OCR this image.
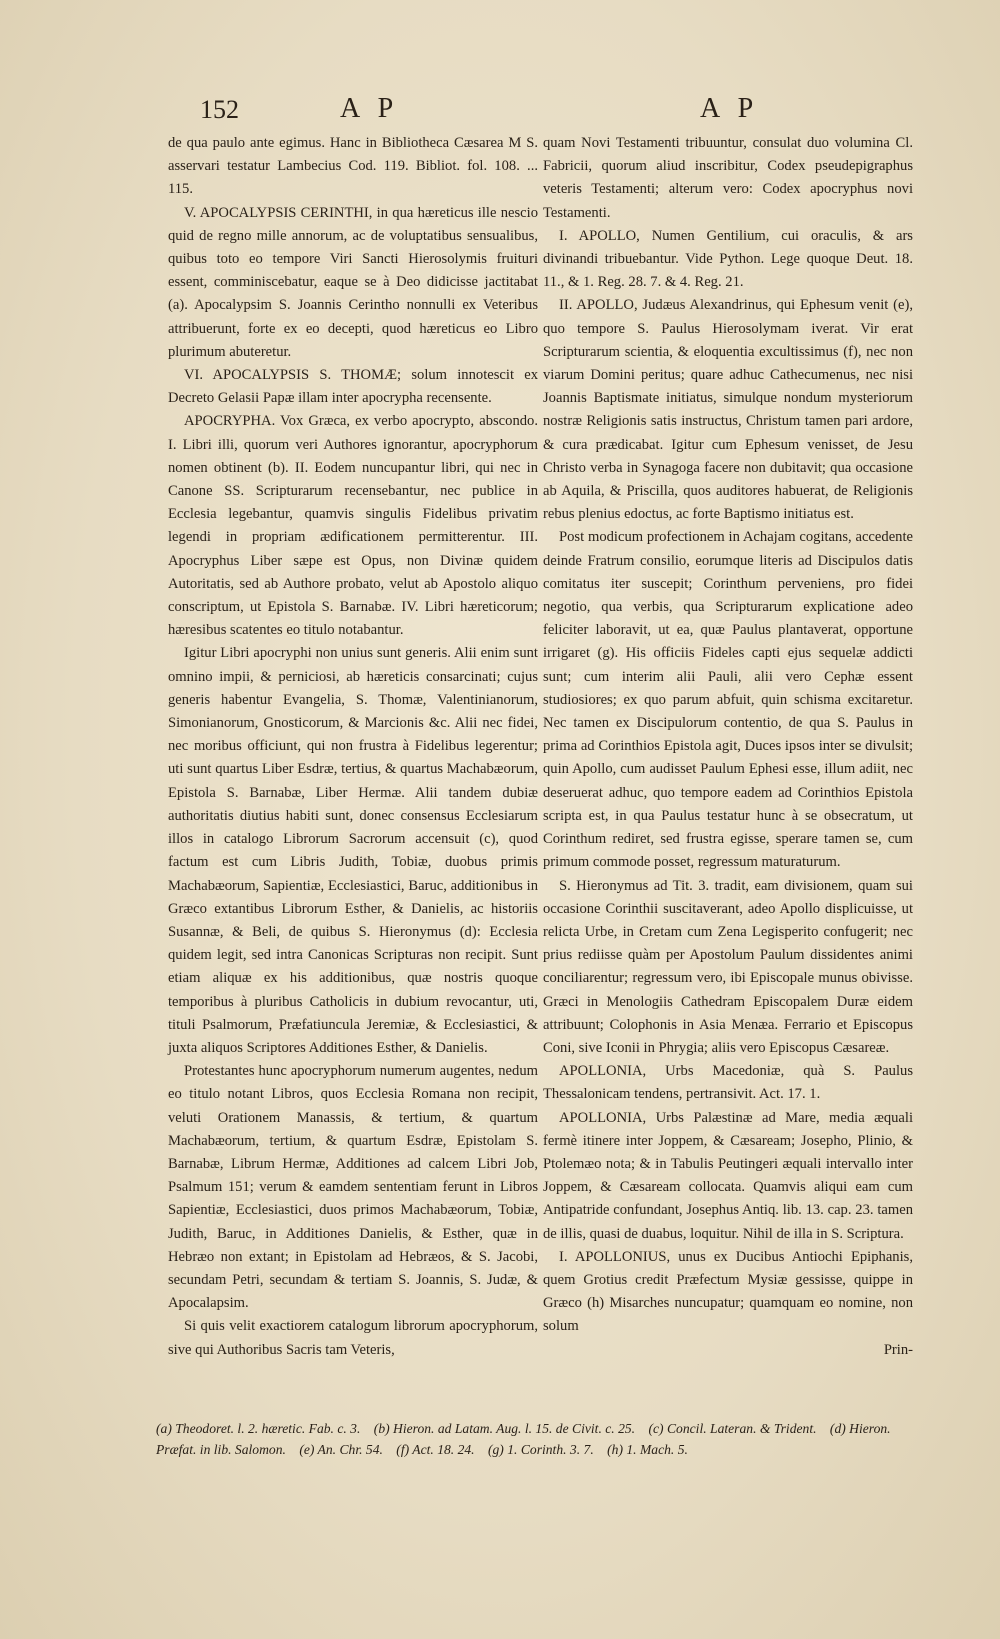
152	A P	A P

de qua paulo ante egimus. Hanc in Bibliotheca Cæsarea M S. asservari testatur Lambecius Cod. 119. Bibliot. fol. 108. ... 115.

V. APOCALYPSIS CERINTHI, in qua hæreticus ille nescio quid de regno mille annorum, ac de voluptatibus sensualibus, quibus toto eo tempore Viri Sancti Hierosolymis fruituri essent, comminiscebatur, eaque se à Deo didicisse jactitabat (a). Apocalypsim S. Joannis Cerintho nonnulli ex Veteribus attribuerunt, forte ex eo decepti, quod hæreticus eo Libro plurimum abuteretur.

VI. APOCALYPSIS S. THOMÆ; solum innotescit ex Decreto Gelasii Papæ illam inter apocrypha recensente.

APOCRYPHA. Vox Græca, ex verbo apocrypto, abscondo. I. Libri illi, quorum veri Authores ignorantur, apocryphorum nomen obtinent (b). II. Eodem nuncupantur libri, qui nec in Canone SS. Scripturarum recensebantur, nec publice in Ecclesia legebantur, quamvis singulis Fidelibus privatim legendi in propriam ædificationem permitterentur. III. Apocryphus Liber sæpe est Opus, non Divinæ quidem Autoritatis, sed ab Authore probato, velut ab Apostolo aliquo conscriptum, ut Epistola S. Barnabæ. IV. Libri hæreticorum; hæresibus scatentes eo titulo notabantur.

Igitur Libri apocryphi non unius sunt generis. Alii enim sunt omnino impii, & perniciosi, ab hæreticis consarcinati; cujus generis habentur Evangelia, S. Thomæ, Valentinianorum, Simonianorum, Gnosticorum, & Marcionis &c. Alii nec fidei, nec moribus officiunt, qui non frustra à Fidelibus legerentur; uti sunt quartus Liber Esdræ, tertius, & quartus Machabæorum, Epistola S. Barnabæ, Liber Hermæ. Alii tandem dubiæ authoritatis diutius habiti sunt, donec consensus Ecclesiarum illos in catalogo Librorum Sacrorum accensuit (c), quod factum est cum Libris Judith, Tobiæ, duobus primis Machabæorum, Sapientiæ, Ecclesiastici, Baruc, additionibus in Græco extantibus Librorum Esther, & Danielis, ac historiis Susannæ, & Beli, de quibus S. Hieronymus (d): Ecclesia quidem legit, sed intra Canonicas Scripturas non recipit. Sunt etiam aliquæ ex his additionibus, quæ nostris quoque temporibus à pluribus Catholicis in dubium revocantur, uti, tituli Psalmorum, Præfatiuncula Jeremiæ, & Ecclesiastici, & juxta aliquos Scriptores Additiones Esther, & Danielis.

Protestantes hunc apocryphorum numerum augentes, nedum eo titulo notant Libros, quos Ecclesia Romana non recipit, veluti Orationem Manassis, & tertium, & quartum Machabæorum, tertium, & quartum Esdræ, Epistolam S. Barnabæ, Librum Hermæ, Additiones ad calcem Libri Job, Psalmum 151; verum & eamdem sententiam ferunt in Libros Sapientiæ, Ecclesiastici, duos primos Machabæorum, Tobiæ, Judith, Baruc, in Additiones Danielis, & Esther, quæ in Hebræo non extant; in Epistolam ad Hebræos, & S. Jacobi, secundam Petri, secundam & tertiam S. Joannis, S. Judæ, & Apocalapsim.

Si quis velit exactiorem catalogum librorum apocryphorum, sive qui Authoribus Sacris tam Veteris,

quam Novi Testamenti tribuuntur, consulat duo volumina Cl. Fabricii, quorum aliud inscribitur, Codex pseudepigraphus veteris Testamenti; alterum vero: Codex apocryphus novi Testamenti.

I. APOLLO, Numen Gentilium, cui oraculis, & ars divinandi tribuebantur. Vide Python. Lege quoque Deut. 18. 11., & 1. Reg. 28. 7. & 4. Reg. 21.

II. APOLLO, Judæus Alexandrinus, qui Ephesum venit (e), quo tempore S. Paulus Hierosolymam iverat. Vir erat Scripturarum scientia, & eloquentia excultissimus (f), nec non viarum Domini peritus; quare adhuc Cathecumenus, nec nisi Joannis Baptismate initiatus, simulque nondum mysteriorum nostræ Religionis satis instructus, Christum tamen pari ardore, & cura prædicabat. Igitur cum Ephesum venisset, de Jesu Christo verba in Synagoga facere non dubitavit; qua occasione ab Aquila, & Priscilla, quos auditores habuerat, de Religionis rebus plenius edoctus, ac forte Baptismo initiatus est.

Post modicum profectionem in Achajam cogitans, accedente deinde Fratrum consilio, eorumque literis ad Discipulos datis comitatus iter suscepit; Corinthum perveniens, pro fidei negotio, qua verbis, qua Scripturarum explicatione adeo feliciter laboravit, ut ea, quæ Paulus plantaverat, opportune irrigaret (g). His officiis Fideles capti ejus sequelæ addicti sunt; cum interim alii Pauli, alii vero Cephæ essent studiosiores; ex quo parum abfuit, quin schisma excitaretur. Nec tamen ex Discipulorum contentio, de qua S. Paulus in prima ad Corinthios Epistola agit, Duces ipsos inter se divulsit; quin Apollo, cum audisset Paulum Ephesi esse, illum adiit, nec deseruerat adhuc, quo tempore eadem ad Corinthios Epistola scripta est, in qua Paulus testatur hunc à se obsecratum, ut Corinthum rediret, sed frustra egisse, sperare tamen se, cum primum commode posset, regressum maturaturum.

S. Hieronymus ad Tit. 3. tradit, eam divisionem, quam sui occasione Corinthii suscitaverant, adeo Apollo displicuisse, ut relicta Urbe, in Cretam cum Zena Legisperito confugerit; nec prius rediisse quàm per Apostolum Paulum dissidentes animi conciliarentur; regressum vero, ibi Episcopale munus obivisse. Græci in Menologiis Cathedram Episcopalem Duræ eidem attribuunt; Colophonis in Asia Menæa. Ferrario et Episcopus Coni, sive Iconii in Phrygia; aliis vero Episcopus Cæsareæ.

APOLLONIA, Urbs Macedoniæ, quà S. Paulus Thessalonicam tendens, pertransivit. Act. 17. 1.

APOLLONIA, Urbs Palæstinæ ad Mare, media æquali fermè itinere inter Joppem, & Cæsaream; Josepho, Plinio, & Ptolemæo nota; & in Tabulis Peutingeri æquali intervallo inter Joppem, & Cæsaream collocata. Quamvis aliqui eam cum Antipatride confundant, Josephus Antiq. lib. 13. cap. 23. tamen de illis, quasi de duabus, loquitur. Nihil de illa in S. Scriptura.

I. APOLLONIUS, unus ex Ducibus Antiochi Epiphanis, quem Grotius credit Præfectum Mysiæ gessisse, quippe in Græco (h) Misarches nuncupatur; quamquam eo nomine, non solum

Prin-

(a) Theodoret. l. 2. hæretic. Fab. c. 3. (b) Hieron. ad Latam. Aug. l. 15. de Civit. c. 25. (c) Concil. Lateran. & Trident. (d) Hieron. Præfat. in lib. Salomon. (e) An. Chr. 54. (f) Act. 18. 24. (g) 1. Corinth. 3. 7. (h) 1. Mach. 5.
